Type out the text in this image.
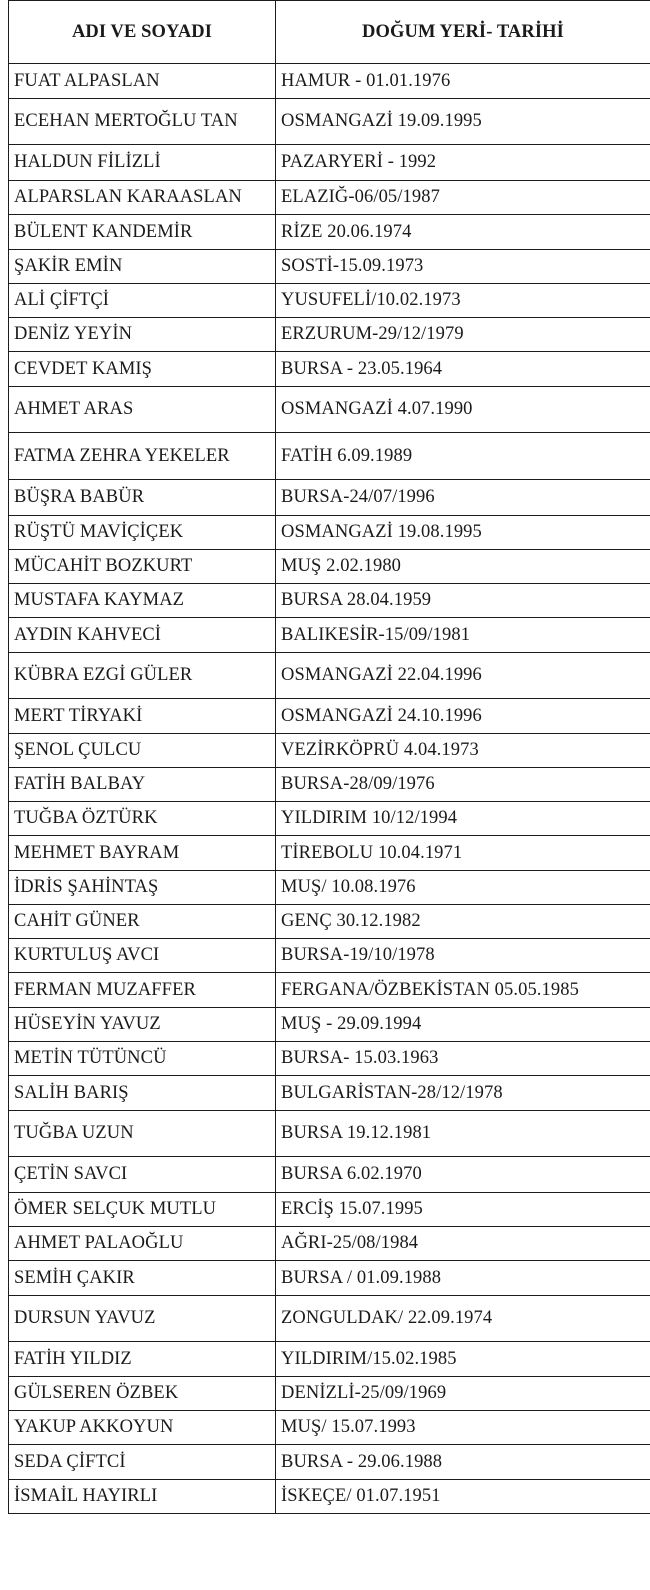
ADI VE SOYADI	DOĞUM YERİ- TARİHİ
FUAT ALPASLAN	HAMUR - 01.01.1976
ECEHAN MERTOĞLU TAN	OSMANGAZİ 19.09.1995
HALDUN FİLİZLİ	PAZARYERİ - 1992
ALPARSLAN KARAASLAN	ELAZIĞ-06/05/1987
BÜLENT KANDEMİR	RİZE 20.06.1974
ŞAKİR EMİN	SOSTİ-15.09.1973
ALİ ÇİFTÇİ	YUSUFELİ/10.02.1973
DENİZ YEYİN	ERZURUM-29/12/1979
CEVDET KAMIŞ	BURSA - 23.05.1964
AHMET ARAS	OSMANGAZİ 4.07.1990
FATMA ZEHRA YEKELER	FATİH 6.09.1989
BÜŞRA BABÜR	BURSA-24/07/1996
RÜŞTÜ MAVİÇİÇEK	OSMANGAZİ 19.08.1995
MÜCAHİT BOZKURT	MUŞ 2.02.1980
MUSTAFA KAYMAZ	BURSA 28.04.1959
AYDIN KAHVECİ	BALIKESİR-15/09/1981
KÜBRA EZGİ GÜLER	OSMANGAZİ 22.04.1996
MERT TİRYAKİ	OSMANGAZİ 24.10.1996
ŞENOL ÇULCU	VEZİRKÖPRÜ 4.04.1973
FATİH BALBAY	BURSA-28/09/1976
TUĞBA ÖZTÜRK	YILDIRIM 10/12/1994
MEHMET BAYRAM	TİREBOLU 10.04.1971
İDRİS ŞAHİNTAŞ	MUŞ/ 10.08.1976
CAHİT GÜNER	GENÇ 30.12.1982
KURTULUŞ AVCI	BURSA-19/10/1978
FERMAN MUZAFFER	FERGANA/ÖZBEKİSTAN 05.05.1985
HÜSEYİN YAVUZ	MUŞ - 29.09.1994
METİN TÜTÜNCÜ	BURSA- 15.03.1963
SALİH BARIŞ	BULGARİSTAN-28/12/1978
TUĞBA UZUN	BURSA 19.12.1981
ÇETİN SAVCI	BURSA 6.02.1970
ÖMER SELÇUK MUTLU	ERCİŞ 15.07.1995
AHMET PALAOĞLU	AĞRI-25/08/1984
SEMİH ÇAKIR	BURSA / 01.09.1988
DURSUN YAVUZ	ZONGULDAK/ 22.09.1974
FATİH YILDIZ	YILDIRIM/15.02.1985
GÜLSEREN ÖZBEK	DENİZLİ-25/09/1969
YAKUP AKKOYUN	MUŞ/ 15.07.1993
SEDA ÇİFTCİ	BURSA - 29.06.1988
İSMAİL HAYIRLI	İSKEÇE/ 01.07.1951
